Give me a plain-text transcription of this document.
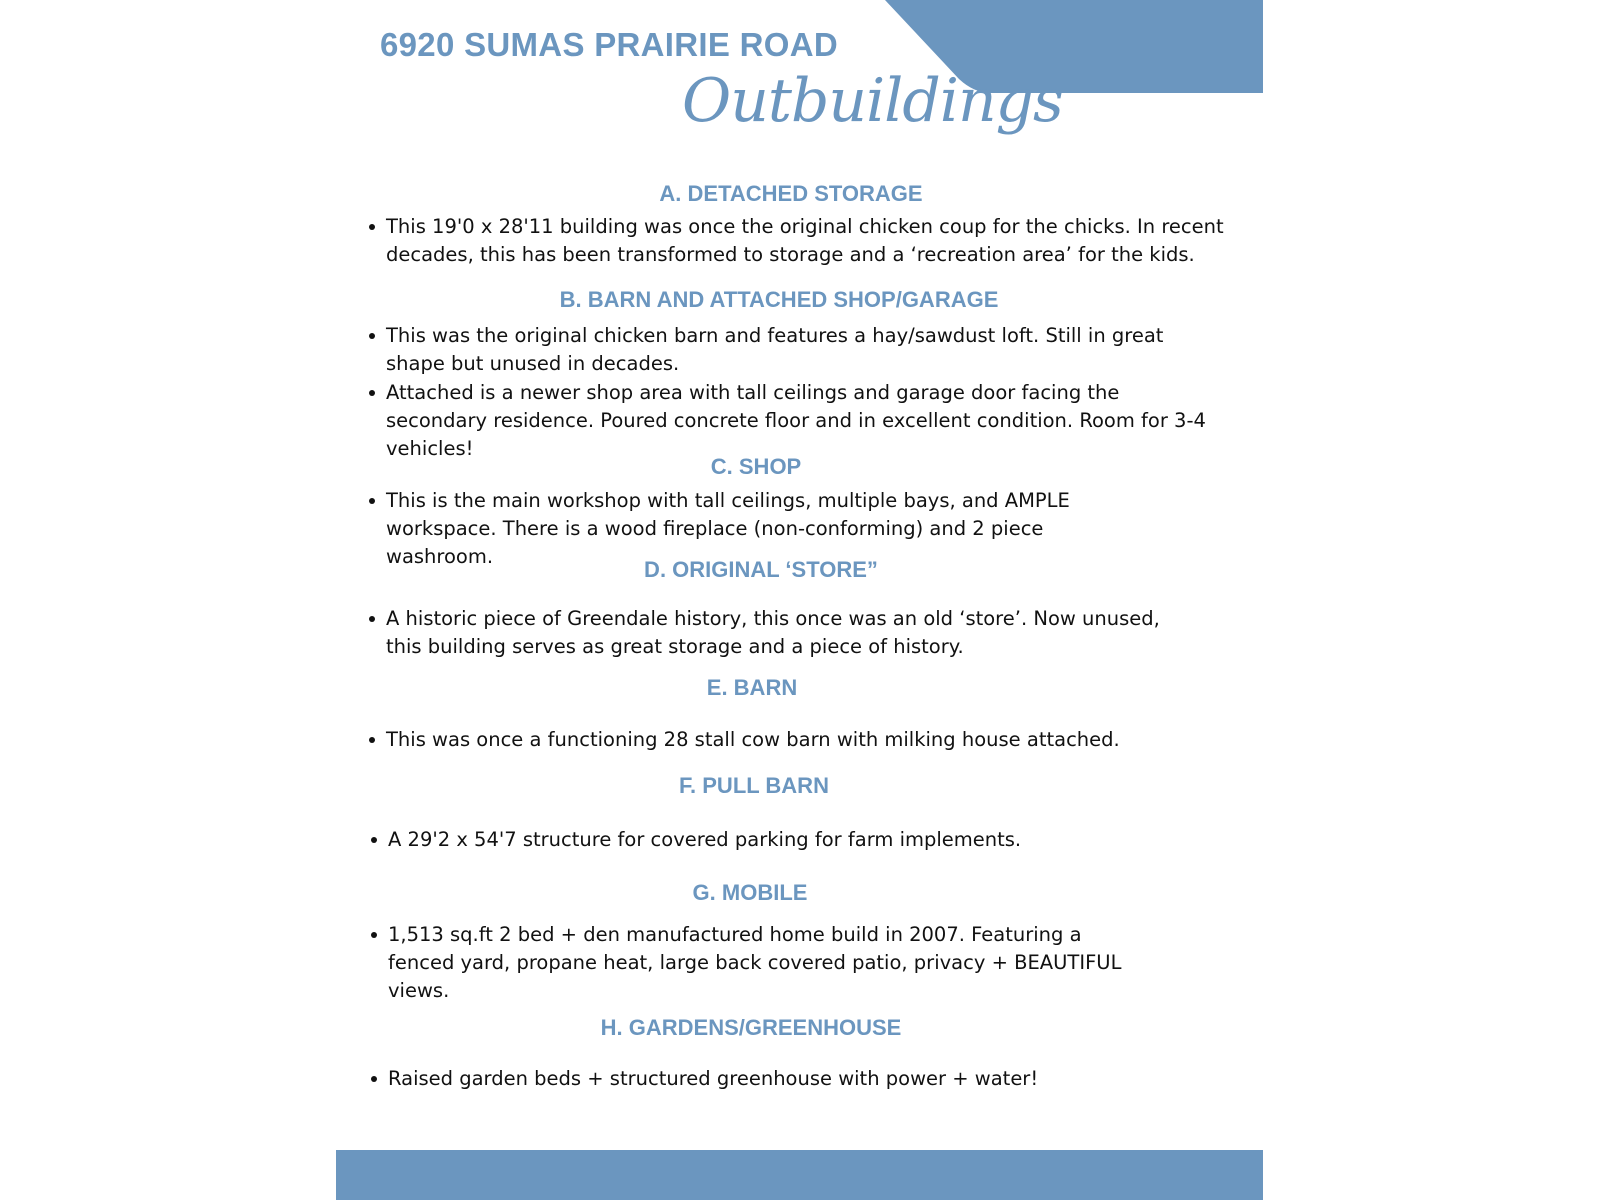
6920 SUMAS PRAIRIE ROAD
Outbuildings
A. DETACHED STORAGE
This 19'0 x 28'11 building was once the original chicken coup for the chicks. In recent decades, this has been transformed to storage and a ‘recreation area’ for the kids.
B. BARN AND ATTACHED SHOP/GARAGE
This was the original chicken barn and features a hay/sawdust loft. Still in great shape but unused in decades.
Attached is a newer shop area with tall ceilings and garage door facing the secondary residence. Poured concrete floor and in excellent condition. Room for 3-4 vehicles!
C. SHOP
This is the main workshop with tall ceilings, multiple bays, and AMPLE workspace. There is a wood fireplace (non-conforming) and 2 piece washroom.
D. ORIGINAL ‘STORE”
A historic piece of Greendale history, this once was an old ‘store’. Now unused, this building serves as great storage and a piece of history.
E. BARN
This was once a functioning 28 stall cow barn with milking house attached.
F. PULL BARN
A 29'2 x 54'7 structure for covered parking for farm implements.
G. MOBILE
1,513 sq.ft 2 bed + den manufactured home build in 2007. Featuring a fenced yard, propane heat, large back covered patio, privacy + BEAUTIFUL views.
H. GARDENS/GREENHOUSE
Raised garden beds + structured greenhouse with power + water!
